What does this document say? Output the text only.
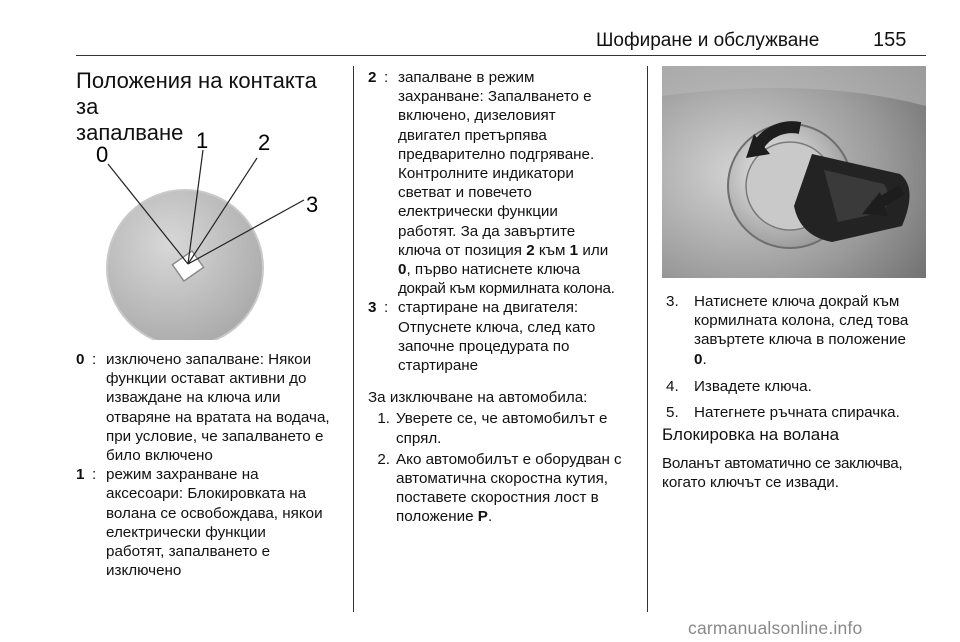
Шофиране и обслужване	155
Положения на контакта за
запалване
0
1 2
3
0 : изключено запалване: Някои
функции остават активни до
изваждане на ключа или
отваряне на вратата на водача,
при условие, че запалването е
било включено
1 : режим захранване на
аксесоари: Блокировката на
волана се освобождава, някои
електрически функции
работят, запалването е
изключено
2 : запалване в режим
захранване: Запалването е
включено, дизеловият
двигател претърпява
предварително подгряване.
Контролните индикатори
светват и повечето
електрически функции
работят. За да завъртите
ключа от позиция 2 към 1 или
0, първо натиснете ключа
докрай към кормилната колона.
3 : стартиране на двигателя:
Отпуснете ключа, след като
започне процедурата по
стартиране
За изключване на автомобила:
1. Уверете се, че автомобилът е
спрял.
2. Ако автомобилът е оборудван с
автоматична скоростна кутия,
поставете скоростния лост в
положение P.
3.	Натиснете ключа докрай към
кормилната колона, след това
завъртете ключа в положение
0.
4.	Извадете ключа.
5.	Натегнете ръчната спирачка.
Блокировка на волана
Воланът автоматично се заключва,
когато ключът се извади.
carmanualsonline.info
